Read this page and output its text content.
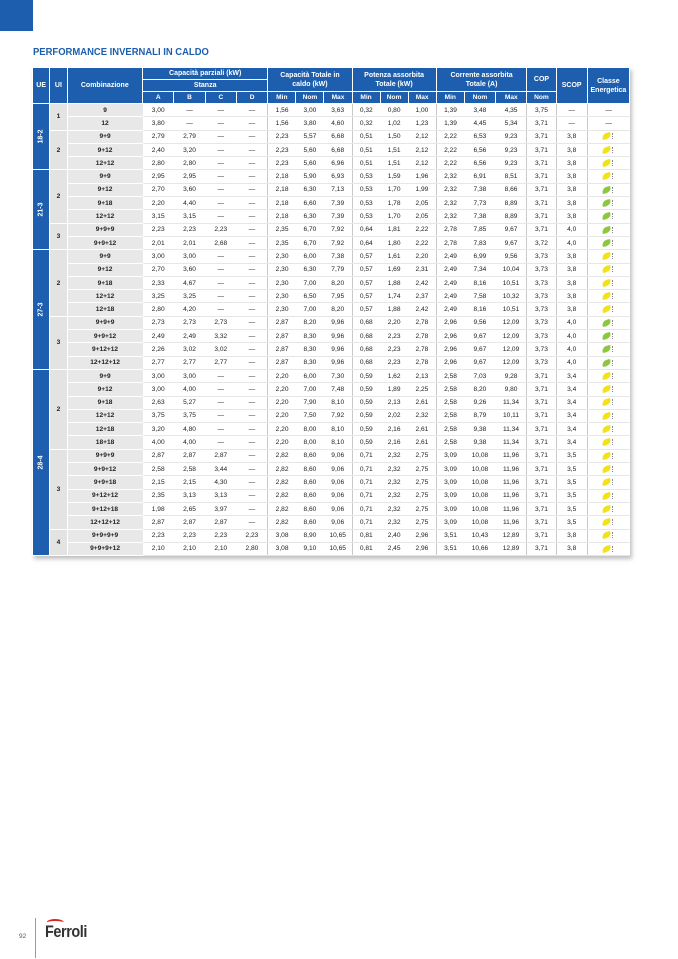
PERFORMANCE INVERNALI IN CALDO
UE	UI	Combinazione	Capacità parziali (kW)				Capacità Totale in
caldo (kW)			Potenza assorbita
Totale (kW)			Corrente assorbita
Totale (A)			COP	SCOP	Classe
Energetica
			Stanza															
			A	B	C	D	Min	Nom	Max	Min	Nom	Max	Min	Nom	Max	Nom		
18-2	1	9	3,00	—	—	—	1,56	3,00	3,63	0,32	0,80	1,00	1,39	3,48	4,35	3,75	—	—
		12	3,80	—	—	—	1,56	3,80	4,60	0,32	1,02	1,23	1,39	4,45	5,34	3,71	—	—
	2	9+9	2,79	2,79	—	—	2,23	5,57	6,68	0,51	1,50	2,12	2,22	6,53	9,23	3,71	3,8	
		9+12	2,40	3,20	—	—	2,23	5,60	6,68	0,51	1,51	2,12	2,22	6,56	9,23	3,71	3,8	
		12+12	2,80	2,80	—	—	2,23	5,60	6,96	0,51	1,51	2,12	2,22	6,56	9,23	3,71	3,8	
21-3	2	9+9	2,95	2,95	—	—	2,18	5,90	6,93	0,53	1,59	1,96	2,32	6,91	8,51	3,71	3,8	
		9+12	2,70	3,60	—	—	2,18	6,30	7,13	0,53	1,70	1,99	2,32	7,38	8,66	3,71	3,8	
		9+18	2,20	4,40	—	—	2,18	6,60	7,39	0,53	1,78	2,05	2,32	7,73	8,89	3,71	3,8	
		12+12	3,15	3,15	—	—	2,18	6,30	7,39	0,53	1,70	2,05	2,32	7,38	8,89	3,71	3,8	
	3	9+9+9	2,23	2,23	2,23	—	2,35	6,70	7,92	0,64	1,81	2,22	2,78	7,85	9,67	3,71	4,0	
		9+9+12	2,01	2,01	2,68	—	2,35	6,70	7,92	0,64	1,80	2,22	2,78	7,83	9,67	3,72	4,0	
27-3	2	9+9	3,00	3,00	—	—	2,30	6,00	7,38	0,57	1,61	2,20	2,49	6,99	9,56	3,73	3,8	
		9+12	2,70	3,60	—	—	2,30	6,30	7,79	0,57	1,69	2,31	2,49	7,34	10,04	3,73	3,8	
		9+18	2,33	4,67	—	—	2,30	7,00	8,20	0,57	1,88	2,42	2,49	8,16	10,51	3,73	3,8	
		12+12	3,25	3,25	—	—	2,30	6,50	7,95	0,57	1,74	2,37	2,49	7,58	10,32	3,73	3,8	
		12+18	2,80	4,20	—	—	2,30	7,00	8,20	0,57	1,88	2,42	2,49	8,16	10,51	3,73	3,8	
	3	9+9+9	2,73	2,73	2,73	—	2,87	8,20	9,96	0,68	2,20	2,78	2,96	9,56	12,09	3,73	4,0	
		9+9+12	2,49	2,49	3,32	—	2,87	8,30	9,96	0,68	2,23	2,78	2,96	9,67	12,09	3,73	4,0	
		9+12+12	2,26	3,02	3,02	—	2,87	8,30	9,96	0,68	2,23	2,78	2,96	9,67	12,09	3,73	4,0	
		12+12+12	2,77	2,77	2,77	—	2,87	8,30	9,96	0,68	2,23	2,78	2,96	9,67	12,09	3,73	4,0	
28-4	2	9+9	3,00	3,00	—	—	2,20	6,00	7,30	0,59	1,62	2,13	2,58	7,03	9,28	3,71	3,4	
		9+12	3,00	4,00	—	—	2,20	7,00	7,48	0,59	1,89	2,25	2,58	8,20	9,80	3,71	3,4	
		9+18	2,63	5,27	—	—	2,20	7,90	8,10	0,59	2,13	2,61	2,58	9,26	11,34	3,71	3,4	
		12+12	3,75	3,75	—	—	2,20	7,50	7,92	0,59	2,02	2,32	2,58	8,79	10,11	3,71	3,4	
		12+18	3,20	4,80	—	—	2,20	8,00	8,10	0,59	2,16	2,61	2,58	9,38	11,34	3,71	3,4	
		18+18	4,00	4,00	—	—	2,20	8,00	8,10	0,59	2,16	2,61	2,58	9,38	11,34	3,71	3,4	
	3	9+9+9	2,87	2,87	2,87	—	2,82	8,60	9,06	0,71	2,32	2,75	3,09	10,08	11,96	3,71	3,5	
		9+9+12	2,58	2,58	3,44	—	2,82	8,60	9,06	0,71	2,32	2,75	3,09	10,08	11,96	3,71	3,5	
		9+9+18	2,15	2,15	4,30	—	2,82	8,60	9,06	0,71	2,32	2,75	3,09	10,08	11,96	3,71	3,5	
		9+12+12	2,35	3,13	3,13	—	2,82	8,60	9,06	0,71	2,32	2,75	3,09	10,08	11,96	3,71	3,5	
		9+12+18	1,98	2,65	3,97	—	2,82	8,60	9,06	0,71	2,32	2,75	3,09	10,08	11,96	3,71	3,5	
		12+12+12	2,87	2,87	2,87	—	2,82	8,60	9,06	0,71	2,32	2,75	3,09	10,08	11,96	3,71	3,5	
	4	9+9+9+9	2,23	2,23	2,23	2,23	3,08	8,90	10,65	0,81	2,40	2,96	3,51	10,43	12,89	3,71	3,8	
		9+9+9+12	2,10	2,10	2,10	2,80	3,08	9,10	10,65	0,81	2,45	2,96	3,51	10,66	12,89	3,71	3,8	
92 Ferroli
